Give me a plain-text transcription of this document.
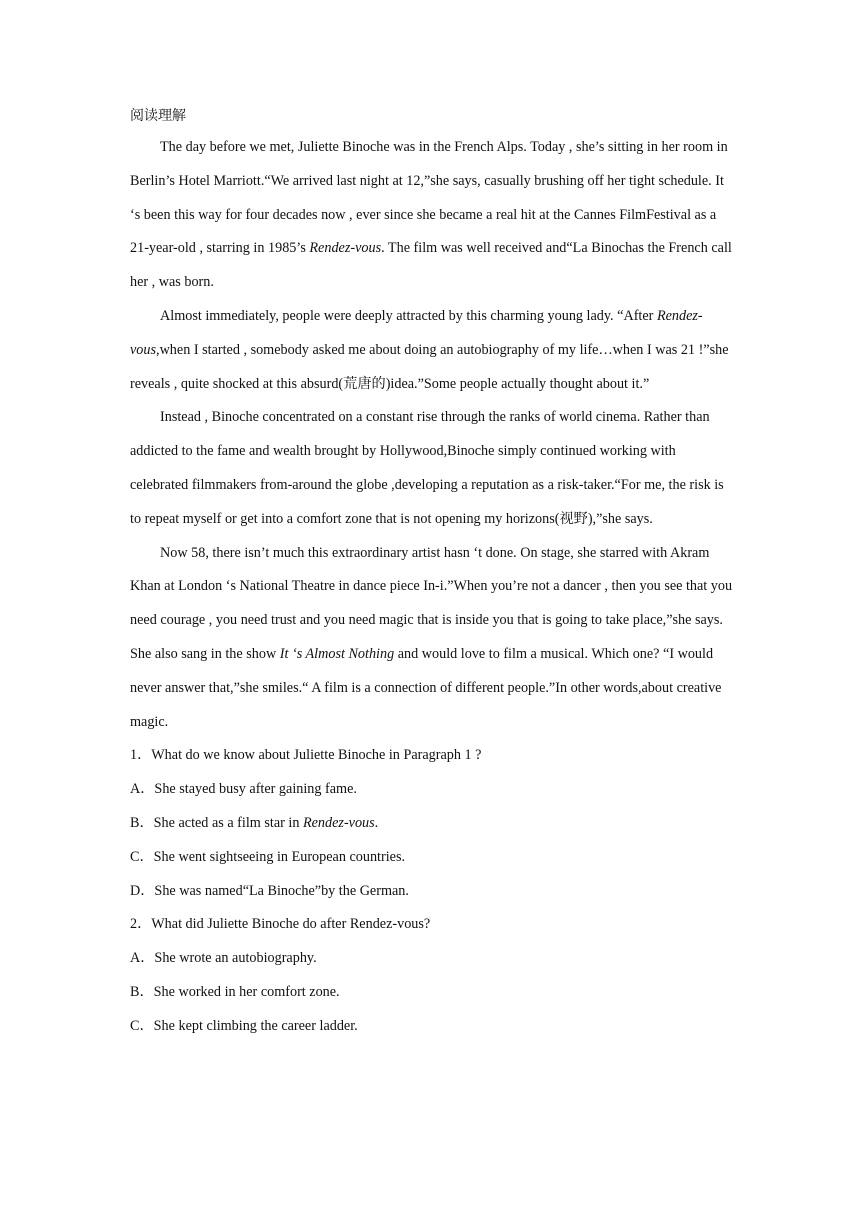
阅读理解

The day before we met, Juliette Binoche was in the French Alps. Today , she’s sitting in her room in Berlin’s Hotel Marriott.“We arrived last night at 12,”she says, casually brushing off her tight schedule. It ‘s been this way for four decades now , ever since she became a real hit at the Cannes FilmFestival as a 21-year-old , starring in 1985’s Rendez-vous. The film was well received and“La Binochas the French call her , was born.

Almost immediately, people were deeply attracted by this charming young lady. “After Rendez-vous,when I started , somebody asked me about doing an autobiography of my life…when I was 21 !”she reveals , quite shocked at this absurd(荒唐的)idea.”Some people actually thought about it.”

Instead , Binoche concentrated on a constant rise through the ranks of world cinema. Rather than addicted to the fame and wealth brought by Hollywood,Binoche simply continued working with celebrated filmmakers from-around the globe ,developing a reputation as a risk-taker.“For me, the risk is to repeat myself or get into a comfort zone that is not opening my horizons(视野),”she says.

Now 58, there isn’t much this extraordinary artist hasn ‘t done. On stage, she starred with Akram Khan at London ‘s National Theatre in dance piece In-i.”When you’re not a dancer , then you see that you need courage , you need trust and you need magic that is inside you that is going to take place,”she says. She also sang in the show It ‘s Almost Nothing and would love to film a musical. Which one? “I would never answer that,”she smiles.“ A film is a connection of different people.”In other words,about creative magic.

1．What do we know about Juliette Binoche in Paragraph 1 ?
A．She stayed busy after gaining fame.
B．She acted as a film star in Rendez-vous.
C．She went sightseeing in European countries.
D．She was named“La Binoche”by the German.
2．What did Juliette Binoche do after Rendez-vous?
A．She wrote an autobiography.
B．She worked in her comfort zone.
C．She kept climbing the career ladder.
